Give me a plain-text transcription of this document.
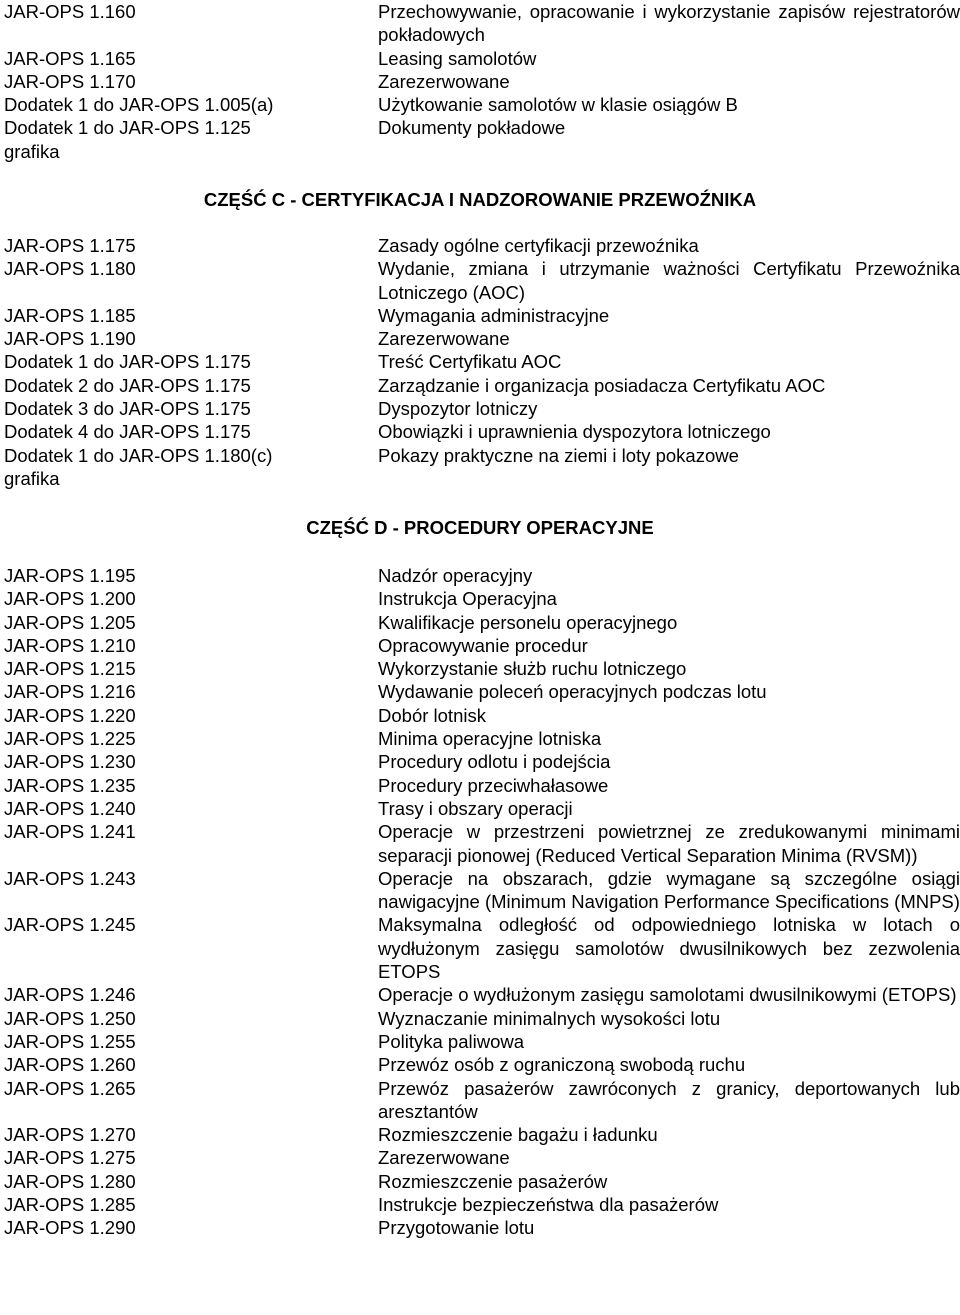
JAR-OPS 1.160	Przechowywanie, opracowanie i wykorzystanie zapisów rejestratorów pokładowych
JAR-OPS 1.165	Leasing samolotów
JAR-OPS 1.170	Zarezerwowane
Dodatek 1 do JAR-OPS 1.005(a)	Użytkowanie samolotów w klasie osiągów B
Dodatek 1 do JAR-OPS 1.125	Dokumenty pokładowe
grafika
CZĘŚĆ C - CERTYFIKACJA I NADZOROWANIE PRZEWOŹNIKA
JAR-OPS 1.175	Zasady ogólne certyfikacji przewoźnika
JAR-OPS 1.180	Wydanie, zmiana i utrzymanie ważności Certyfikatu Przewoźnika Lotniczego (AOC)
JAR-OPS 1.185	Wymagania administracyjne
JAR-OPS 1.190	Zarezerwowane
Dodatek 1 do JAR-OPS 1.175	Treść Certyfikatu AOC
Dodatek 2 do JAR-OPS 1.175	Zarządzanie i organizacja posiadacza Certyfikatu AOC
Dodatek 3 do JAR-OPS 1.175	Dyspozytor lotniczy
Dodatek 4 do JAR-OPS 1.175	Obowiązki i uprawnienia dyspozytora lotniczego
Dodatek 1 do JAR-OPS 1.180(c)	Pokazy praktyczne na ziemi i loty pokazowe
grafika
CZĘŚĆ D - PROCEDURY OPERACYJNE
JAR-OPS 1.195	Nadzór operacyjny
JAR-OPS 1.200	Instrukcja Operacyjna
JAR-OPS 1.205	Kwalifikacje personelu operacyjnego
JAR-OPS 1.210	Opracowywanie procedur
JAR-OPS 1.215	Wykorzystanie służb ruchu lotniczego
JAR-OPS 1.216	Wydawanie poleceń operacyjnych podczas lotu
JAR-OPS 1.220	Dobór lotnisk
JAR-OPS 1.225	Minima operacyjne lotniska
JAR-OPS 1.230	Procedury odlotu i podejścia
JAR-OPS 1.235	Procedury przeciwhałasowe
JAR-OPS 1.240	Trasy i obszary operacji
JAR-OPS 1.241	Operacje w przestrzeni powietrznej ze zredukowanymi minimami separacji pionowej (Reduced Vertical Separation Minima (RVSM))
JAR-OPS 1.243	Operacje na obszarach, gdzie wymagane są szczególne osiągi nawigacyjne (Minimum Navigation Performance Specifications (MNPS)
JAR-OPS 1.245	Maksymalna odległość od odpowiedniego lotniska w lotach o wydłużonym zasięgu samolotów dwusilnikowych bez zezwolenia ETOPS
JAR-OPS 1.246	Operacje o wydłużonym zasięgu samolotami dwusilnikowymi (ETOPS)
JAR-OPS 1.250	Wyznaczanie minimalnych wysokości lotu
JAR-OPS 1.255	Polityka paliwowa
JAR-OPS 1.260	Przewóz osób z ograniczoną swobodą ruchu
JAR-OPS 1.265	Przewóz pasażerów zawróconych z granicy, deportowanych lub aresztantów
JAR-OPS 1.270	Rozmieszczenie bagażu i ładunku
JAR-OPS 1.275	Zarezerwowane
JAR-OPS 1.280	Rozmieszczenie pasażerów
JAR-OPS 1.285	Instrukcje bezpieczeństwa dla pasażerów
JAR-OPS 1.290	Przygotowanie lotu
